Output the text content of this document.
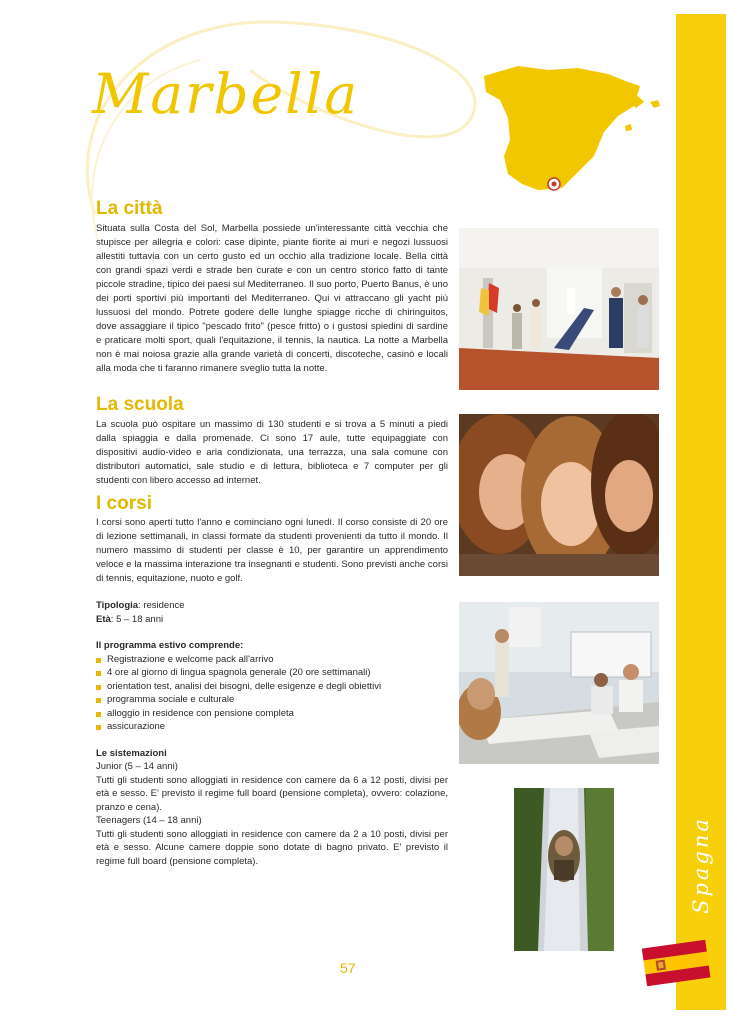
Spagna
Marbella
La città

Situata sulla Costa del Sol, Marbella possiede un'interessante città vecchia che stupisce per allegria e colori: case dipinte, piante fiorite ai muri e negozi lussuosi allestiti tuttavia con un certo gusto ed un occhio alla tradizione locale. Bella città con grandi spazi verdi e strade ben curate e con un centro storico fatto di tante piccole stradine, tipico dei paesi sul Mediterraneo. Il suo porto, Puerto Banus, è uno dei porti sportivi più importanti del Mediterraneo. Qui vi attraccano gli yacht più lussuosi del mondo. Potrete godere delle lunghe spiagge ricche di chiringuitos, dove assaggiare il tipico "pescado frito" (pesce fritto) o i gustosi spiedini di sardine e praticare molti sport, quali l'equitazione, il tennis, la nautica. La notte a Marbella non è mai noiosa grazie alla grande varietà di concerti, discoteche, casinò e locali alla moda che ti faranno rimanere sveglio tutta la notte.

La scuola

La scuola può ospitare un massimo di 130 studenti e si trova a 5 minuti a piedi dalla spiaggia e dalla promenade. Ci sono 17 aule, tutte equipaggiate con dispositivi audio-video e aria condizionata, una terrazza, una sala comune con distributori automatici, sale studio e di lettura, biblioteca e 7 computer per gli studenti con libero accesso ad internet.

I corsi

I corsi sono aperti tutto l'anno e cominciano ogni lunedì. Il corso consiste di 20 ore di lezione settimanali, in classi formate da studenti provenienti da tutto il mondo. Il numero massimo di studenti per classe è 10, per garantire un apprendimento veloce e la massima interazione tra insegnanti e studenti. Sono previsti anche corsi di tennis, equitazione, nuoto e golf.

Tipologia: residence
Età: 5 – 18 anni
Il programma estivo comprende:
Registrazione e welcome pack all'arrivo
4 ore al giorno di lingua spagnola generale (20 ore settimanali)
orientation test, analisi dei bisogni, delle esigenze e degli obiettivi
programma sociale e culturale
alloggio in residence con pensione completa
assicurazione
Le sistemazioni
Junior (5 – 14 anni)
Tutti gli studenti sono alloggiati in residence con camere da 6 a 12 posti, divisi per età e sesso. E' previsto il regime full board (pensione completa), ovvero: colazione, pranzo e cena).
Teenagers (14 – 18 anni)
Tutti gli studenti sono alloggiati in residence con camere da 2 a 10 posti, divisi per età e sesso. Alcune camere doppie sono dotate di bagno privato. E' previsto il regime full board (pensione completa).
57
